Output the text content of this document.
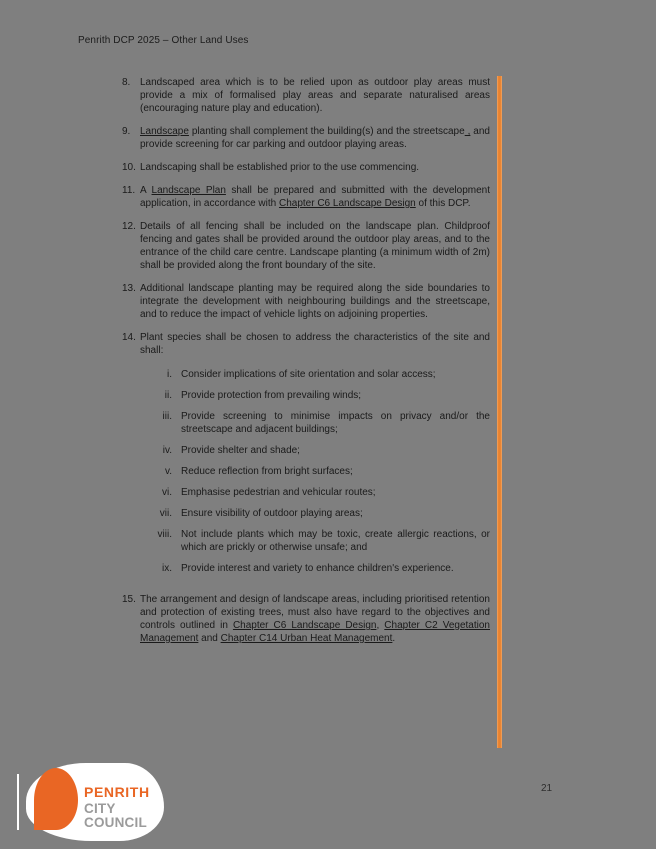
Penrith DCP 2025 – Other Land Uses
8. Landscaped area which is to be relied upon as outdoor play areas must provide a mix of formalised play areas and separate naturalised areas (encouraging nature play and education).
9. Landscape planting shall complement the building(s) and the streetscape , and provide screening for car parking and outdoor playing areas.
10. Landscaping shall be established prior to the use commencing.
11. A Landscape Plan shall be prepared and submitted with the development application, in accordance with Chapter C6 Landscape Design of this DCP.
12. Details of all fencing shall be included on the landscape plan. Childproof fencing and gates shall be provided around the outdoor play areas, and to the entrance of the child care centre. Landscape planting (a minimum width of 2m) shall be provided along the front boundary of the site.
13. Additional landscape planting may be required along the side boundaries to integrate the development with neighbouring buildings and the streetscape, and to reduce the impact of vehicle lights on adjoining properties.
14. Plant species shall be chosen to address the characteristics of the site and shall:
i. Consider implications of site orientation and solar access;
ii. Provide protection from prevailing winds;
iii. Provide screening to minimise impacts on privacy and/or the streetscape and adjacent buildings;
iv. Provide shelter and shade;
v. Reduce reflection from bright surfaces;
vi. Emphasise pedestrian and vehicular routes;
vii. Ensure visibility of outdoor playing areas;
viii. Not include plants which may be toxic, create allergic reactions, or which are prickly or otherwise unsafe; and
ix. Provide interest and variety to enhance children's experience.
15. The arrangement and design of landscape areas, including prioritised retention and protection of existing trees, must also have regard to the objectives and controls outlined in Chapter C6 Landscape Design, Chapter C2 Vegetation Management and Chapter C14 Urban Heat Management.
PENRITH
CITY COUNCIL
21
